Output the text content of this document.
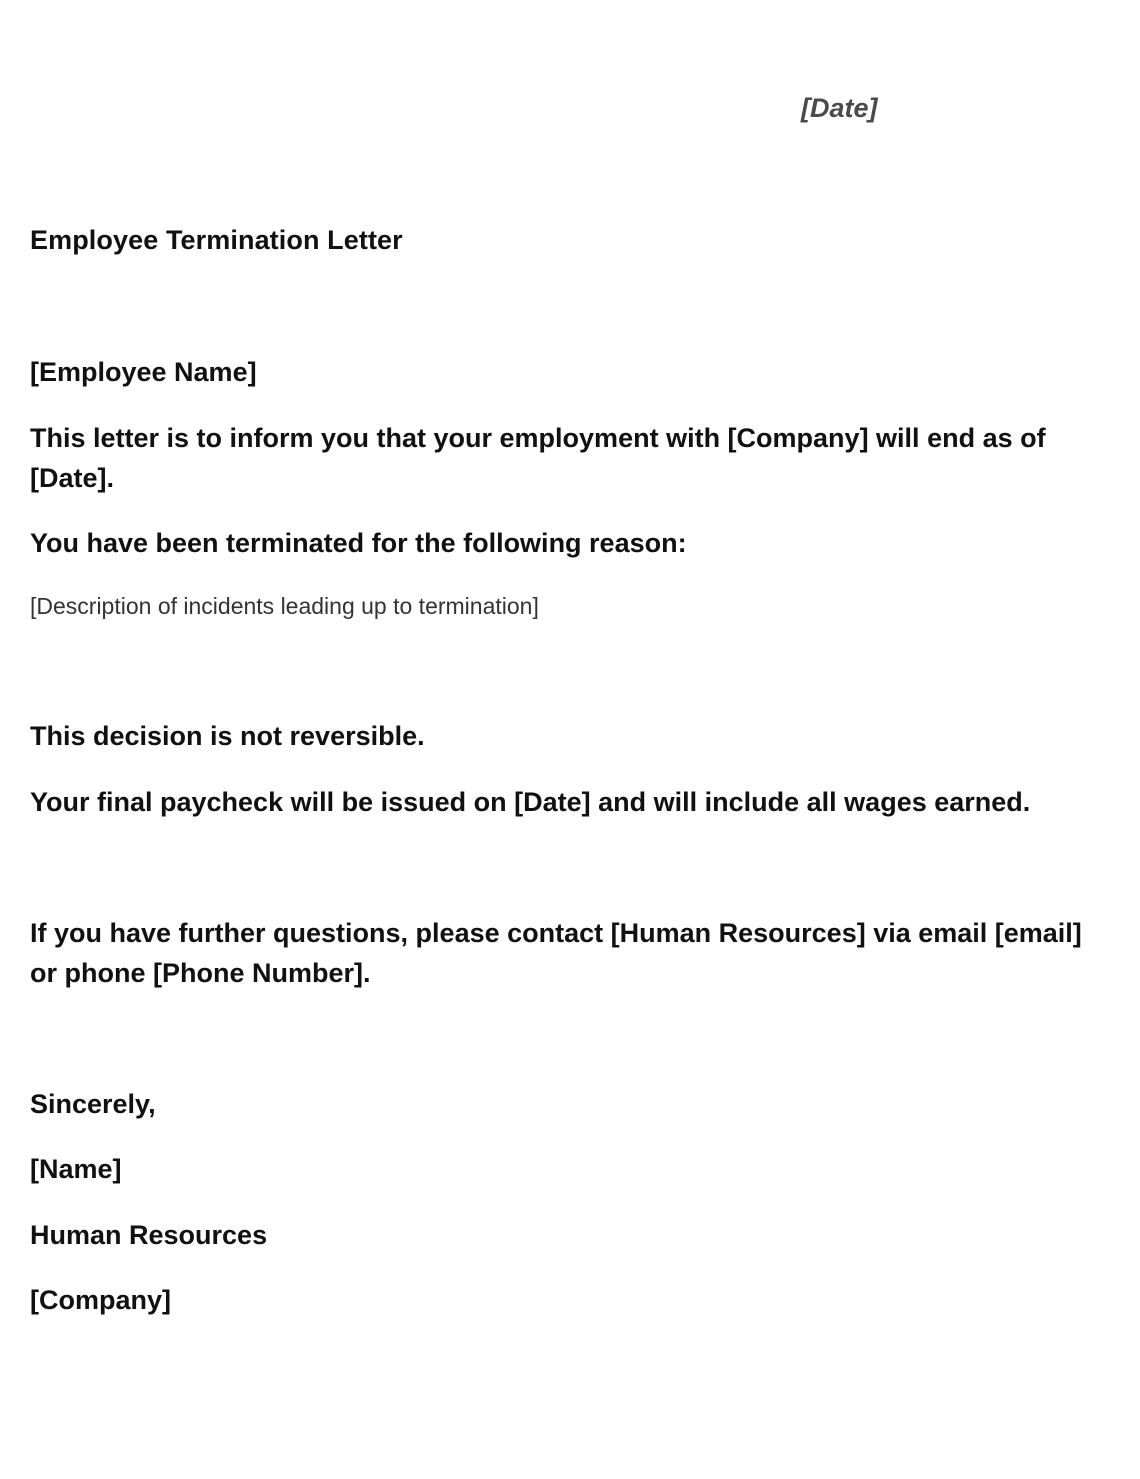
[Date]

Employee Termination Letter

[Employee Name]

This letter is to inform you that your employment with [Company] will end as of [Date].

You have been terminated for the following reason:

[Description of incidents leading up to termination]

This decision is not reversible.

Your final paycheck will be issued on [Date] and will include all wages earned.

If you have further questions, please contact [Human Resources] via email [email] or phone [Phone Number].

Sincerely,

[Name]

Human Resources

[Company]
